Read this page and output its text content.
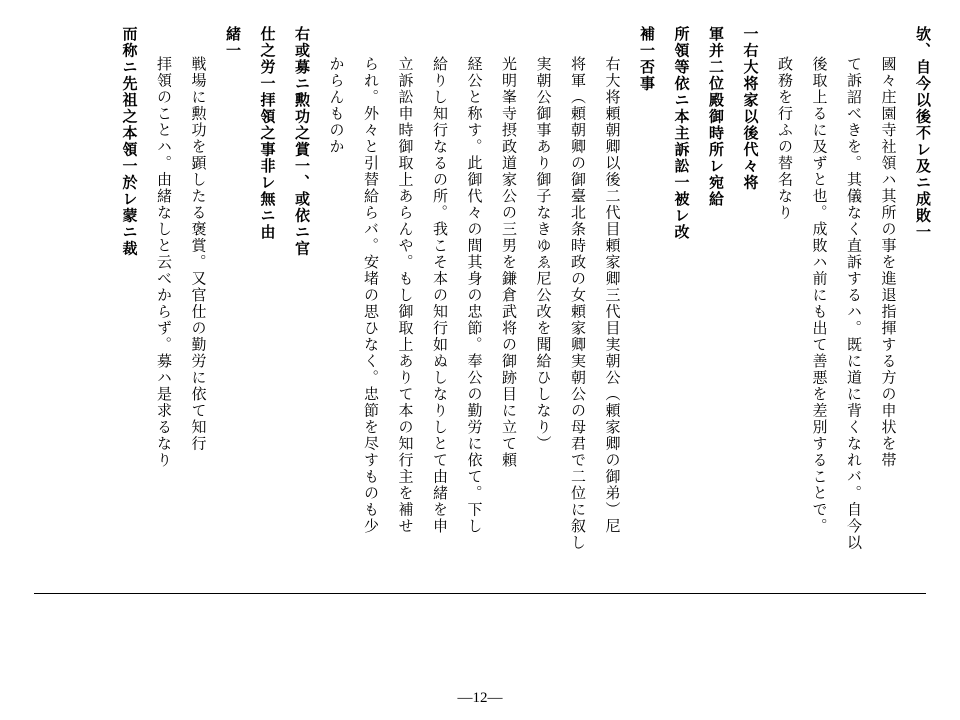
欤、自今以後不レ及ニ成敗一
國々庄園寺社領ハ其所の事を進退指揮する方の申状を帯
て訴詔べきを。其儀なく直訴するハ。既に道に背くなれバ。自今以
後取上るに及ずと也。成敗ハ前にも出て善悪を差別することで。
政務を行ふの替名なり
一右大将家以後代々将
軍并二位殿御時所レ宛給
所領等依ニ本主訴訟一被レ改
補一否事
右大将頼朝卿以後二代目頼家卿三代目実朝公（頼家卿の御弟）尼
将軍（頼朝卿の御臺北条時政の女頼家卿実朝公の母君で二位に叙し
実朝公御事あり御子なきゆゑ尼公改を聞給ひしなり）
光明峯寺摂政道家公の三男を鎌倉武将の御跡目に立て頼
経公と称す。此御代々の間其身の忠節。奉公の勤労に依て。下し
給りし知行なるの所。我こそ本の知行如ぬしなりしとて由緒を申
立訴訟申時御取上あらんや。もし御取上ありて本の知行主を補せ
られ。外々と引替給らバ。安堵の思ひなく。忠節を尽すものも少
からんものか
右或募ニ勲功之賞一、或依ニ官
仕之労一拝領之事非レ無ニ由
緒一
戦場に勲功を顕したる褒賞。又官仕の勤労に依て知行
拝領のことハ。由緒なしと云べからず。募ハ是求るなり
而称ニ先祖之本領一於レ蒙ニ裁
—12—
